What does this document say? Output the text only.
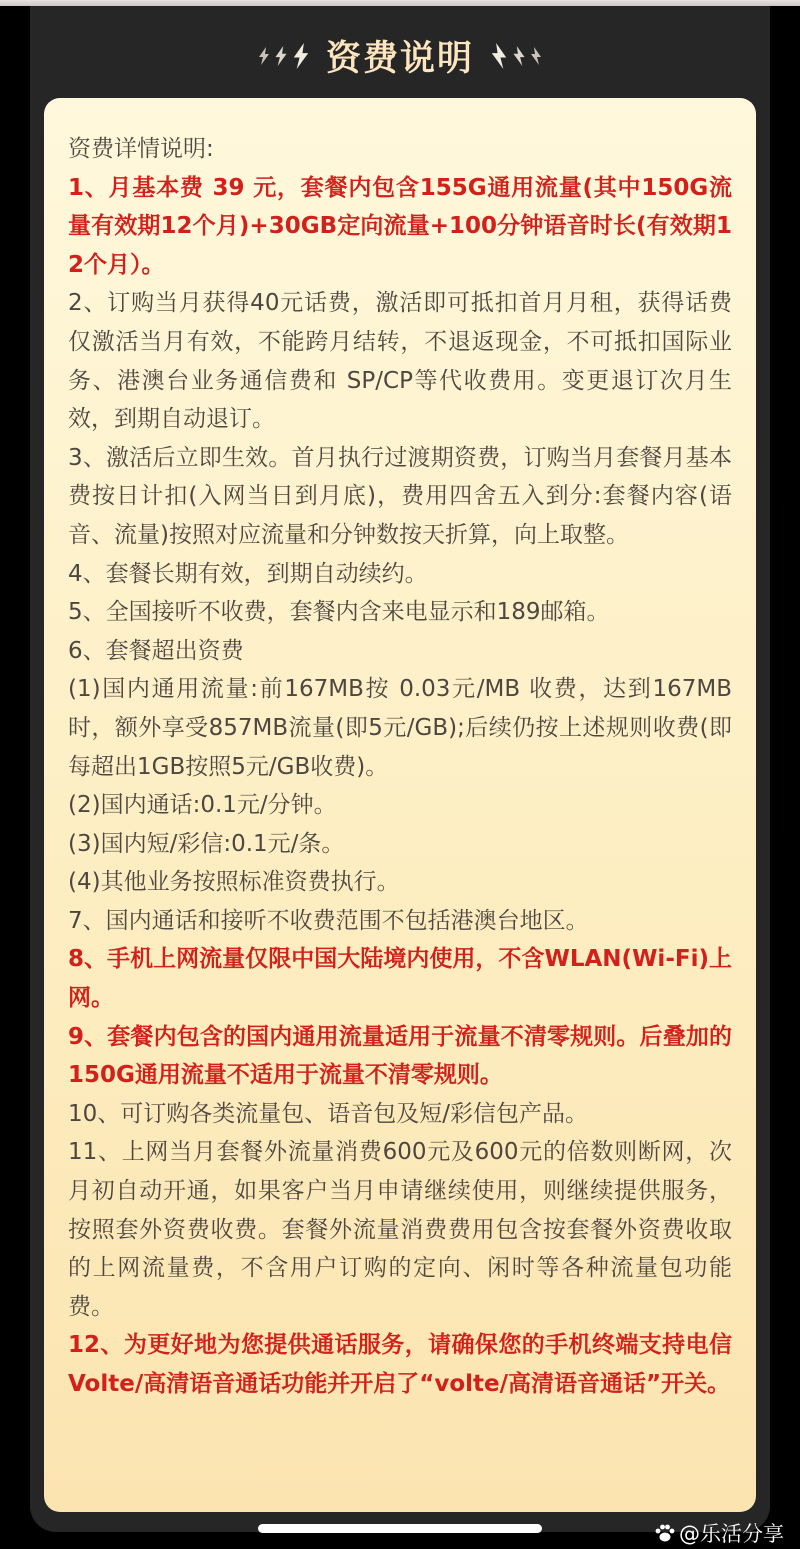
资费说明

资费详情说明:

1、月基本费 39 元，套餐内包含155G通用流量(其中150G流量有效期12个月)+30GB定向流量+100分钟语音时长(有效期12个月）。

2、订购当月获得40元话费，激活即可抵扣首月月租，获得话费仅激活当月有效，不能跨月结转，不退返现金，不可抵扣国际业务、港澳台业务通信费和 SP/CP等代收费用。变更退订次月生效，到期自动退订。

3、激活后立即生效。首月执行过渡期资费，订购当月套餐月基本费按日计扣(入网当日到月底)，费用四舍五入到分:套餐内容(语音、流量)按照对应流量和分钟数按天折算，向上取整。

4、套餐长期有效，到期自动续约。

5、全国接听不收费，套餐内含来电显示和189邮箱。

6、套餐超出资费

(1)国内通用流量:前167MB按 0.03元/MB 收费，达到167MB时，额外享受857MB流量(即5元/GB);后续仍按上述规则收费(即每超出1GB按照5元/GB收费)。

(2)国内通话:0.1元/分钟。

(3)国内短/彩信:0.1元/条。

(4)其他业务按照标准资费执行。

7、国内通话和接听不收费范围不包括港澳台地区。

8、手机上网流量仅限中国大陆境内使用，不含WLAN(Wi-Fi)上网。

9、套餐内包含的国内通用流量适用于流量不清零规则。后叠加的150G通用流量不适用于流量不清零规则。

10、可订购各类流量包、语音包及短/彩信包产品。

11、上网当月套餐外流量消费600元及600元的倍数则断网，次月初自动开通，如果客户当月申请继续使用，则继续提供服务，按照套外资费收费。套餐外流量消费费用包含按套餐外资费收取的上网流量费，不含用户订购的定向、闲时等各种流量包功能费。

12、为更好地为您提供通话服务，请确保您的手机终端支持电信 Volte/高清语音通话功能并开启了“volte/高清语音通话”开关。

@乐活分享
